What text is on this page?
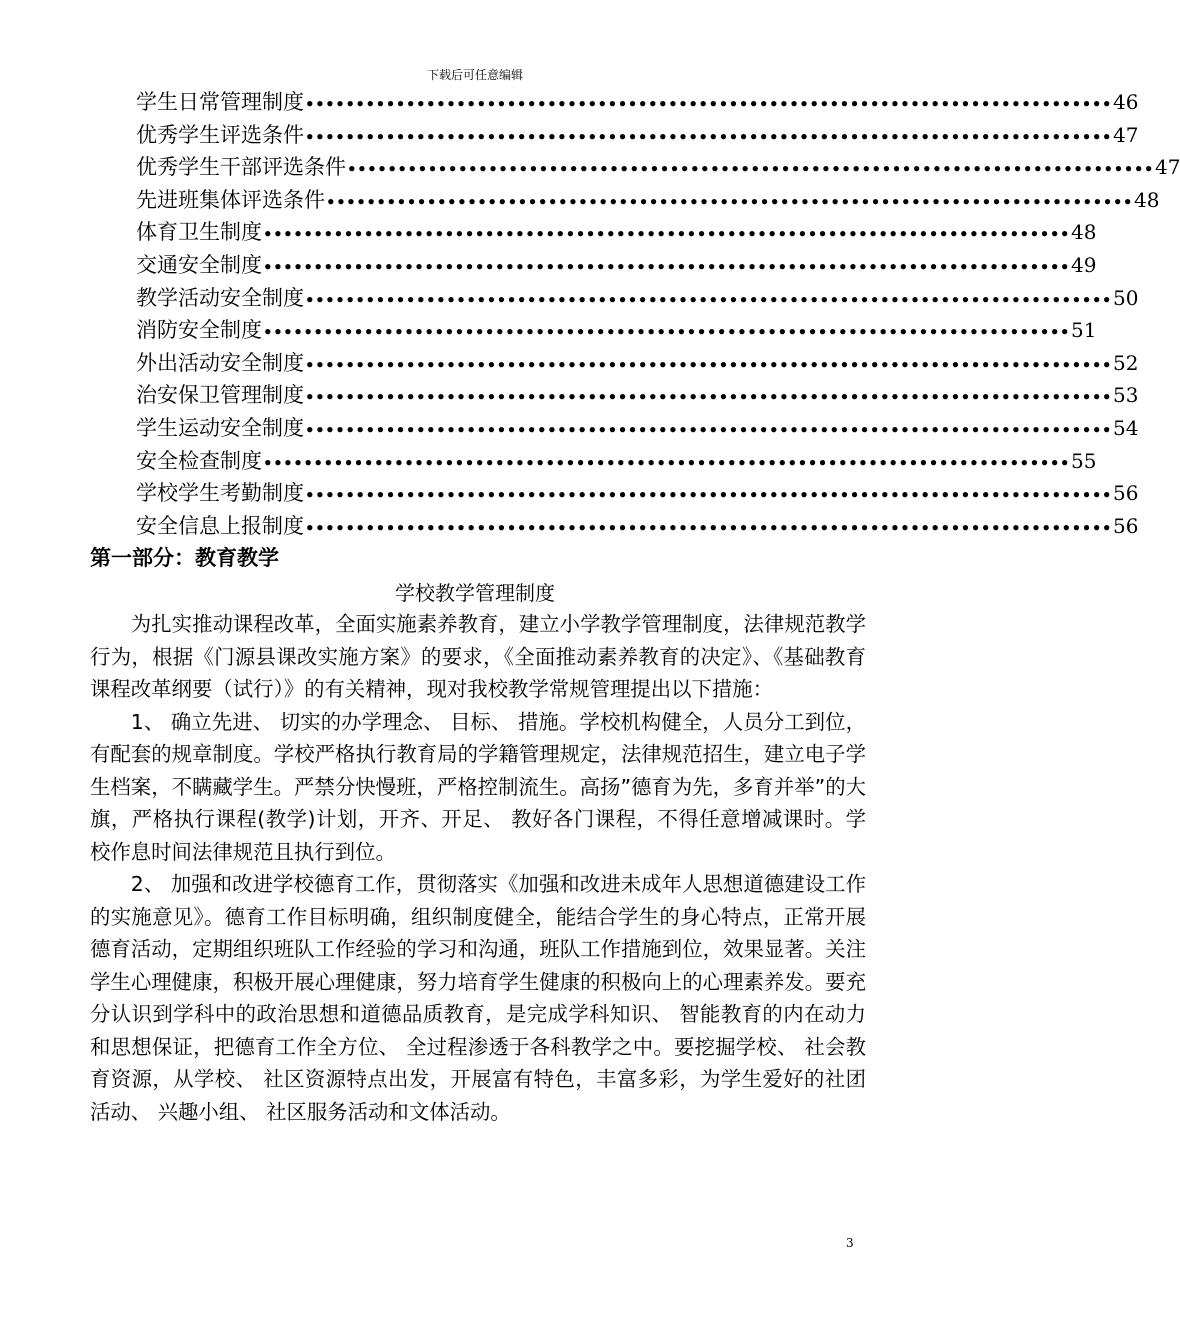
下载后可任意编辑
学生日常管理制度 •••••••••••••••••••••••••••••••••••••••••••••••••••••••••••••••••••••••••••••••• 46
优秀学生评选条件 •••••••••••••••••••••••••••••••••••••••••••••••••••••••••••••••••••••••••••••••• 47
优秀学生干部评选条件 •••••••••••••••••••••••••••••••••••••••••••••••••••••••••••••••••••••••••••••••• 47
先进班集体评选条件 •••••••••••••••••••••••••••••••••••••••••••••••••••••••••••••••••••••••••••••••• 48
体育卫生制度 •••••••••••••••••••••••••••••••••••••••••••••••••••••••••••••••••••••••••••••••• 48
交通安全制度 •••••••••••••••••••••••••••••••••••••••••••••••••••••••••••••••••••••••••••••••• 49
教学活动安全制度 •••••••••••••••••••••••••••••••••••••••••••••••••••••••••••••••••••••••••••••••• 50
消防安全制度 •••••••••••••••••••••••••••••••••••••••••••••••••••••••••••••••••••••••••••••••• 51
外出活动安全制度 •••••••••••••••••••••••••••••••••••••••••••••••••••••••••••••••••••••••••••••••• 52
治安保卫管理制度 •••••••••••••••••••••••••••••••••••••••••••••••••••••••••••••••••••••••••••••••• 53
学生运动安全制度 •••••••••••••••••••••••••••••••••••••••••••••••••••••••••••••••••••••••••••••••• 54
安全检查制度 •••••••••••••••••••••••••••••••••••••••••••••••••••••••••••••••••••••••••••••••• 55
学校学生考勤制度 •••••••••••••••••••••••••••••••••••••••••••••••••••••••••••••••••••••••••••••••• 56
安全信息上报制度 •••••••••••••••••••••••••••••••••••••••••••••••••••••••••••••••••••••••••••••••• 56
第一部分：教育教学
学校教学管理制度

为扎实推动课程改革，全面实施素养教育，建立小学教学管理制度，法律规范教学行为，根据《门源县课改实施方案》的要求，《全面推动素养教育的决定》、《基础教育课程改革纲要（试行）》的有关精神，现对我校教学常规管理提出以下措施：

1、 确立先进、 切实的办学理念、 目标、 措施。学校机构健全，人员分工到位，有配套的规章制度。学校严格执行教育局的学籍管理规定，法律规范招生，建立电子学生档案，不瞒藏学生。严禁分快慢班，严格控制流生。高扬”德育为先，多育并举”的大旗，严格执行课程(教学)计划，开齐、开足、 教好各门课程，不得任意增减课时。学校作息时间法律规范且执行到位。

2、 加强和改进学校德育工作，贯彻落实《加强和改进未成年人思想道德建设工作的实施意见》。德育工作目标明确，组织制度健全，能结合学生的身心特点，正常开展德育活动，定期组织班队工作经验的学习和沟通，班队工作措施到位，效果显著。关注学生心理健康，积极开展心理健康，努力培育学生健康的积极向上的心理素养发。要充分认识到学科中的政治思想和道德品质教育，是完成学科知识、 智能教育的内在动力和思想保证，把德育工作全方位、 全过程渗透于各科教学之中。要挖掘学校、 社会教育资源，从学校、 社区资源特点出发，开展富有特色，丰富多彩，为学生爱好的社团活动、 兴趣小组、 社区服务活动和文体活动。

3
